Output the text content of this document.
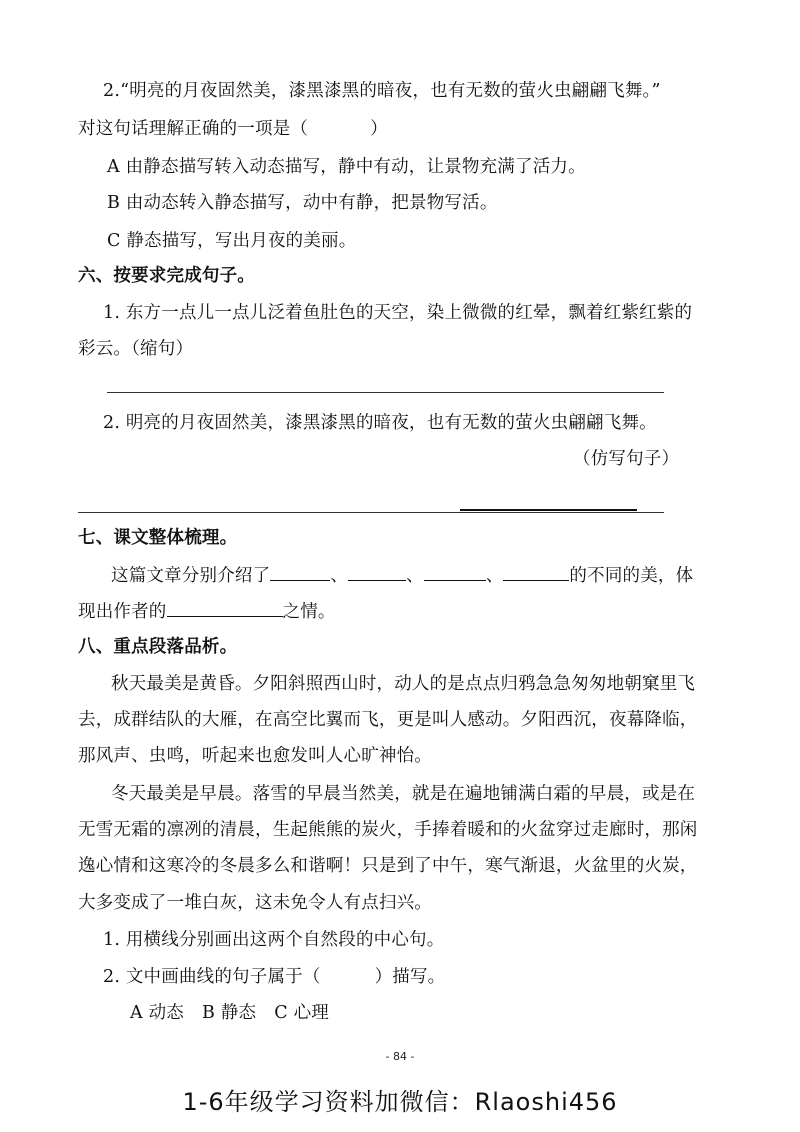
2.“明亮的月夜固然美，漆黑漆黑的暗夜，也有无数的萤火虫翩翩飞舞。”
对这句话理解正确的一项是（	）
A 由静态描写转入动态描写，静中有动，让景物充满了活力。
B 由动态转入静态描写，动中有静，把景物写活。
C 静态描写，写出月夜的美丽。
六、按要求完成句子。
1. 东方一点儿一点儿泛着鱼肚色的天空，染上微微的红晕，飘着红紫红紫的
彩云。（缩句）
2. 明亮的月夜固然美，漆黑漆黑的暗夜，也有无数的萤火虫翩翩飞舞。
（仿写句子）
七、课文整体梳理。
这篇文章分别介绍了	、	、	、	的不同的美，体
现出作者的	之情。
八、重点段落品析。
秋天最美是黄昏。夕阳斜照西山时，动人的是点点归鸦急急匆匆地朝窠里飞
去，成群结队的大雁，在高空比翼而飞，更是叫人感动。夕阳西沉，夜幕降临，
那风声、虫鸣，听起来也愈发叫人心旷神怡。
冬天最美是早晨。落雪的早晨当然美，就是在遍地铺满白霜的早晨，或是在
无雪无霜的凛冽的清晨，生起熊熊的炭火，手捧着暖和的火盆穿过走廊时，那闲
逸心情和这寒冷的冬晨多么和谐啊！只是到了中午，寒气渐退，火盆里的火炭，
大多变成了一堆白灰，这未免令人有点扫兴。
1. 用横线分别画出这两个自然段的中心句。
2. 文中画曲线的句子属于（	）描写。
A 动态 B 静态 C 心理
- 84 -
1-6年级学习资料加微信：Rlaoshi456
